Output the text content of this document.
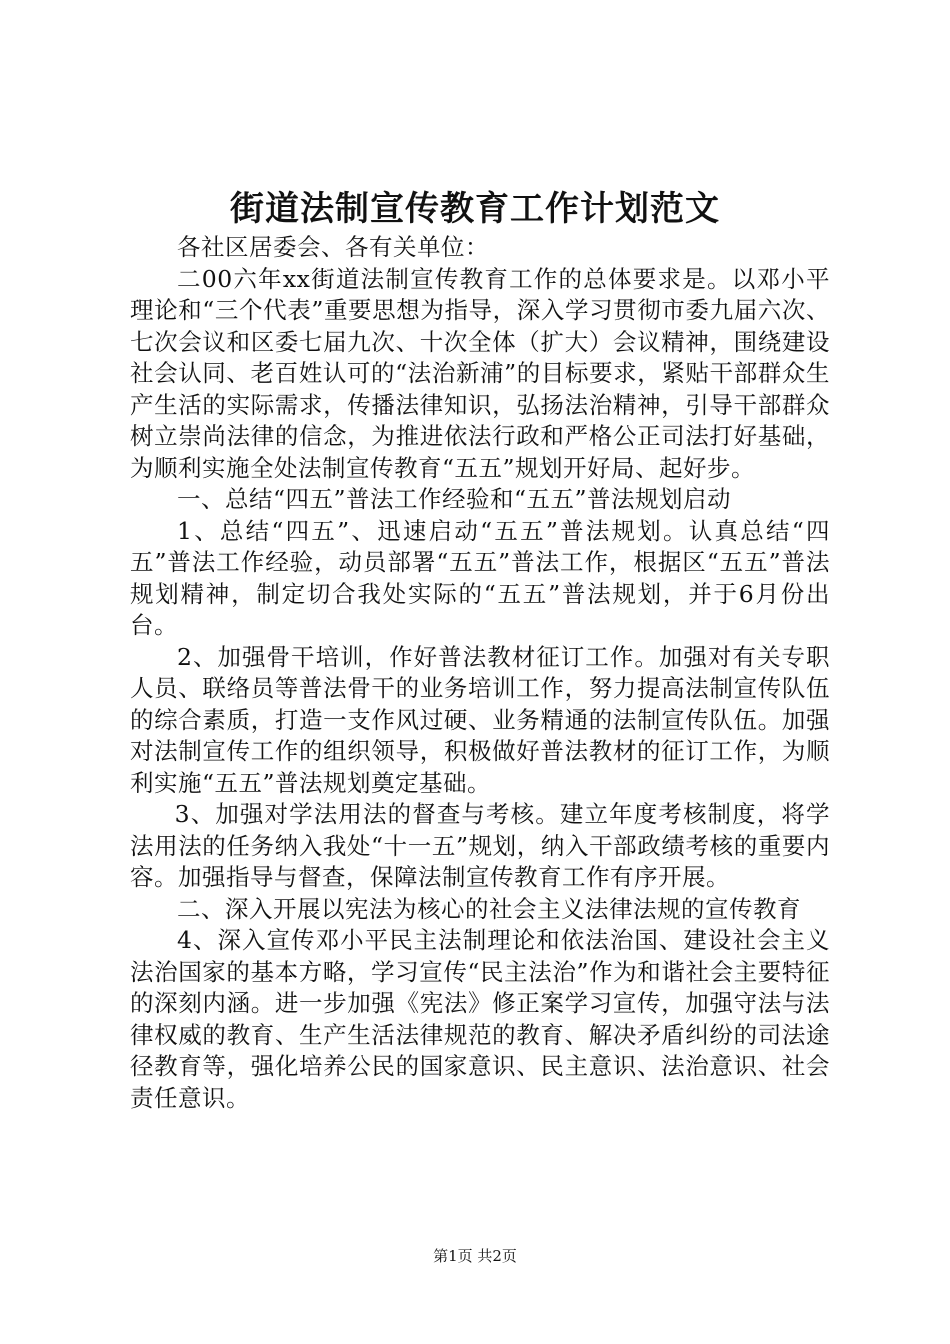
街道法制宣传教育工作计划范文

各社区居委会、各有关单位：

二00六年xx街道法制宣传教育工作的总体要求是。以邓小平理论和“三个代表”重要思想为指导，深入学习贯彻市委九届六次、七次会议和区委七届九次、十次全体（扩大）会议精神，围绕建设社会认同、老百姓认可的“法治新浦”的目标要求，紧贴干部群众生产生活的实际需求，传播法律知识，弘扬法治精神，引导干部群众树立崇尚法律的信念，为推进依法行政和严格公正司法打好基础，为顺利实施全处法制宣传教育“五五”规划开好局、起好步。

一、总结“四五”普法工作经验和“五五”普法规划启动

1、总结“四五”、迅速启动“五五”普法规划。认真总结“四五”普法工作经验，动员部署“五五”普法工作，根据区“五五”普法规划精神，制定切合我处实际的“五五”普法规划，并于6月份出台。

2、加强骨干培训，作好普法教材征订工作。加强对有关专职人员、联络员等普法骨干的业务培训工作，努力提高法制宣传队伍的综合素质，打造一支作风过硬、业务精通的法制宣传队伍。加强对法制宣传工作的组织领导，积极做好普法教材的征订工作，为顺利实施“五五”普法规划奠定基础。

3、加强对学法用法的督查与考核。建立年度考核制度，将学法用法的任务纳入我处“十一五”规划，纳入干部政绩考核的重要内容。加强指导与督查，保障法制宣传教育工作有序开展。

二、深入开展以宪法为核心的社会主义法律法规的宣传教育

4、深入宣传邓小平民主法制理论和依法治国、建设社会主义法治国家的基本方略，学习宣传“民主法治”作为和谐社会主要特征的深刻内涵。进一步加强《宪法》修正案学习宣传，加强守法与法律权威的教育、生产生活法律规范的教育、解决矛盾纠纷的司法途径教育等，强化培养公民的国家意识、民主意识、法治意识、社会责任意识。

第1页 共2页
